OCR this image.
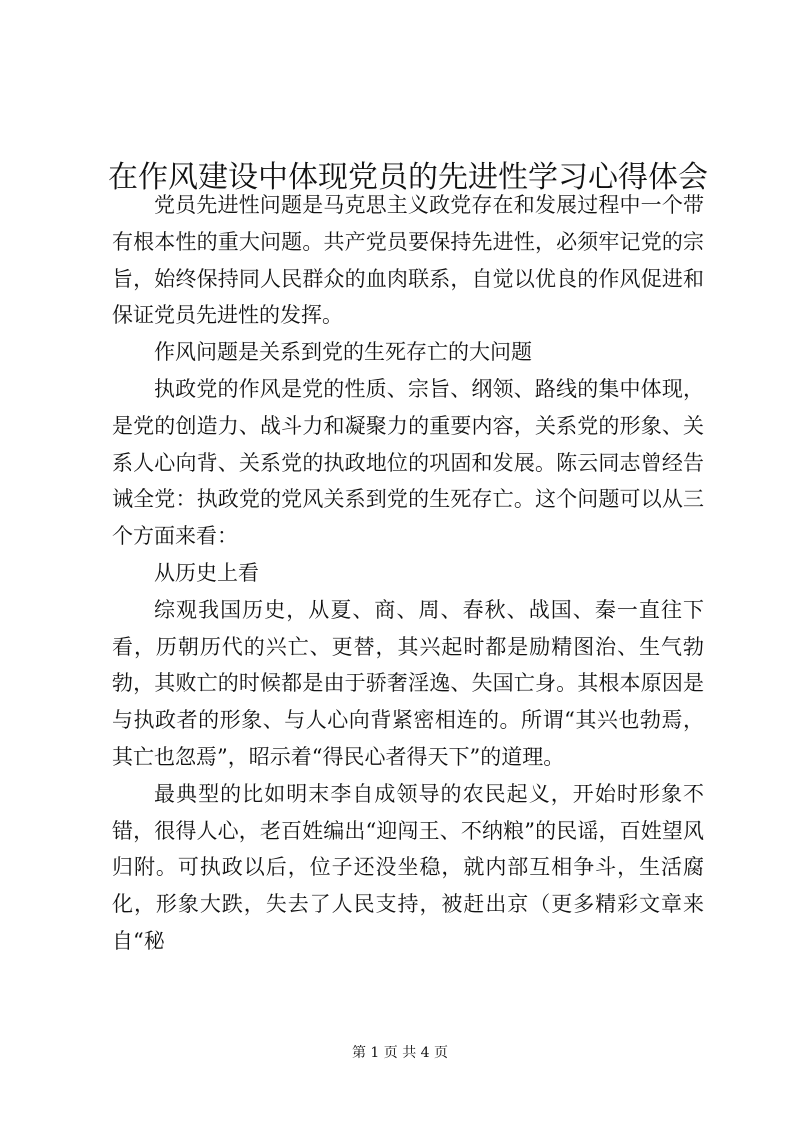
在作风建设中体现党员的先进性学习心得体会

党员先进性问题是马克思主义政党存在和发展过程中一个带有根本性的重大问题。共产党员要保持先进性，必须牢记党的宗旨，始终保持同人民群众的血肉联系，自觉以优良的作风促进和保证党员先进性的发挥。

作风问题是关系到党的生死存亡的大问题

执政党的作风是党的性质、宗旨、纲领、路线的集中体现，是党的创造力、战斗力和凝聚力的重要内容，关系党的形象、关系人心向背、关系党的执政地位的巩固和发展。陈云同志曾经告诫全党：执政党的党风关系到党的生死存亡。这个问题可以从三个方面来看：

从历史上看

综观我国历史，从夏、商、周、春秋、战国、秦一直往下看，历朝历代的兴亡、更替，其兴起时都是励精图治、生气勃勃，其败亡的时候都是由于骄奢淫逸、失国亡身。其根本原因是与执政者的形象、与人心向背紧密相连的。所谓“其兴也勃焉，其亡也忽焉”，昭示着“得民心者得天下”的道理。

最典型的比如明末李自成领导的农民起义，开始时形象不错，很得人心，老百姓编出“迎闯王、不纳粮”的民谣，百姓望风归附。可执政以后，位子还没坐稳，就内部互相争斗，生活腐化，形象大跌，失去了人民支持，被赶出京（更多精彩文章来自“秘

第 1 页 共 4 页
